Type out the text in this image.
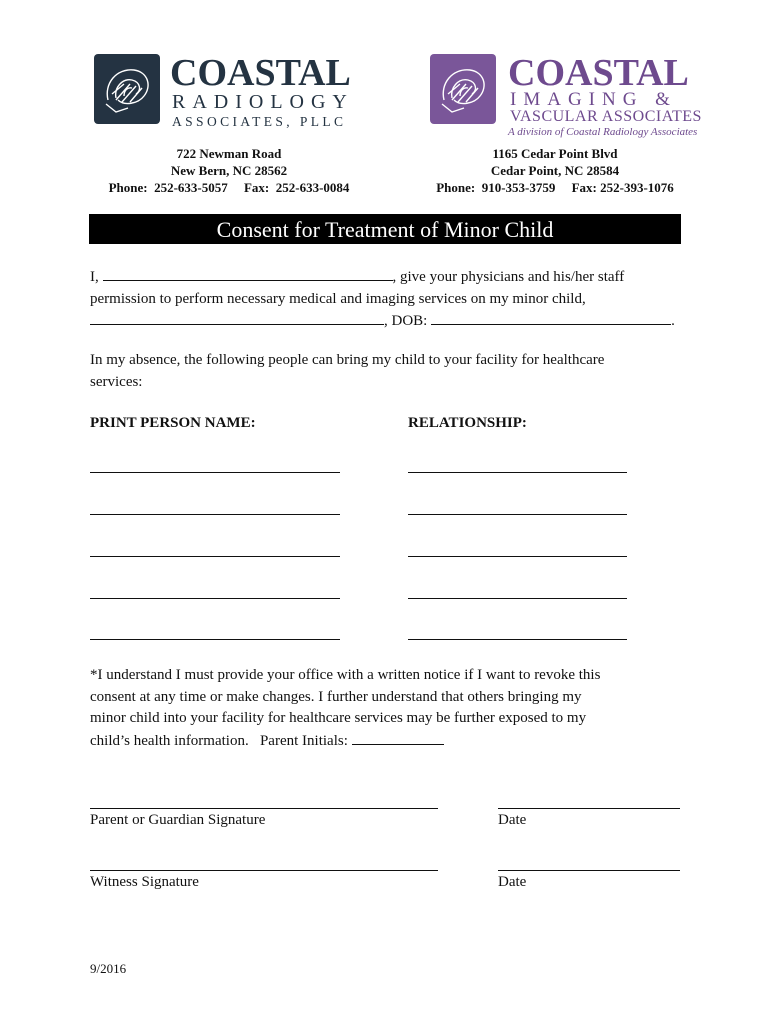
COASTAL
RADIOLOGY
ASSOCIATES, PLLC
COASTAL
IMAGING &
VASCULAR ASSOCIATES
A division of Coastal Radiology Associates
722 Newman Road
New Bern, NC 28562
Phone:  252-633-5057     Fax:  252-633-0084
1165 Cedar Point Blvd
Cedar Point, NC 28584
Phone:  910-353-3759     Fax: 252-393-1076
Consent for Treatment of Minor Child
I,	, give your physicians and his/her staff
permission to perform necessary medical and imaging services on my minor child,
, DOB:	.
In my absence, the following people can bring my child to your facility for healthcare
services:
PRINT PERSON NAME:	RELATIONSHIP:
*I understand I must provide your office with a written notice if I want to revoke this
consent at any time or make changes. I further understand that others bringing my
minor child into your facility for healthcare services may be further exposed to my
child’s health information.   Parent Initials:
Parent or Guardian Signature	Date
Witness Signature	Date
9/2016
